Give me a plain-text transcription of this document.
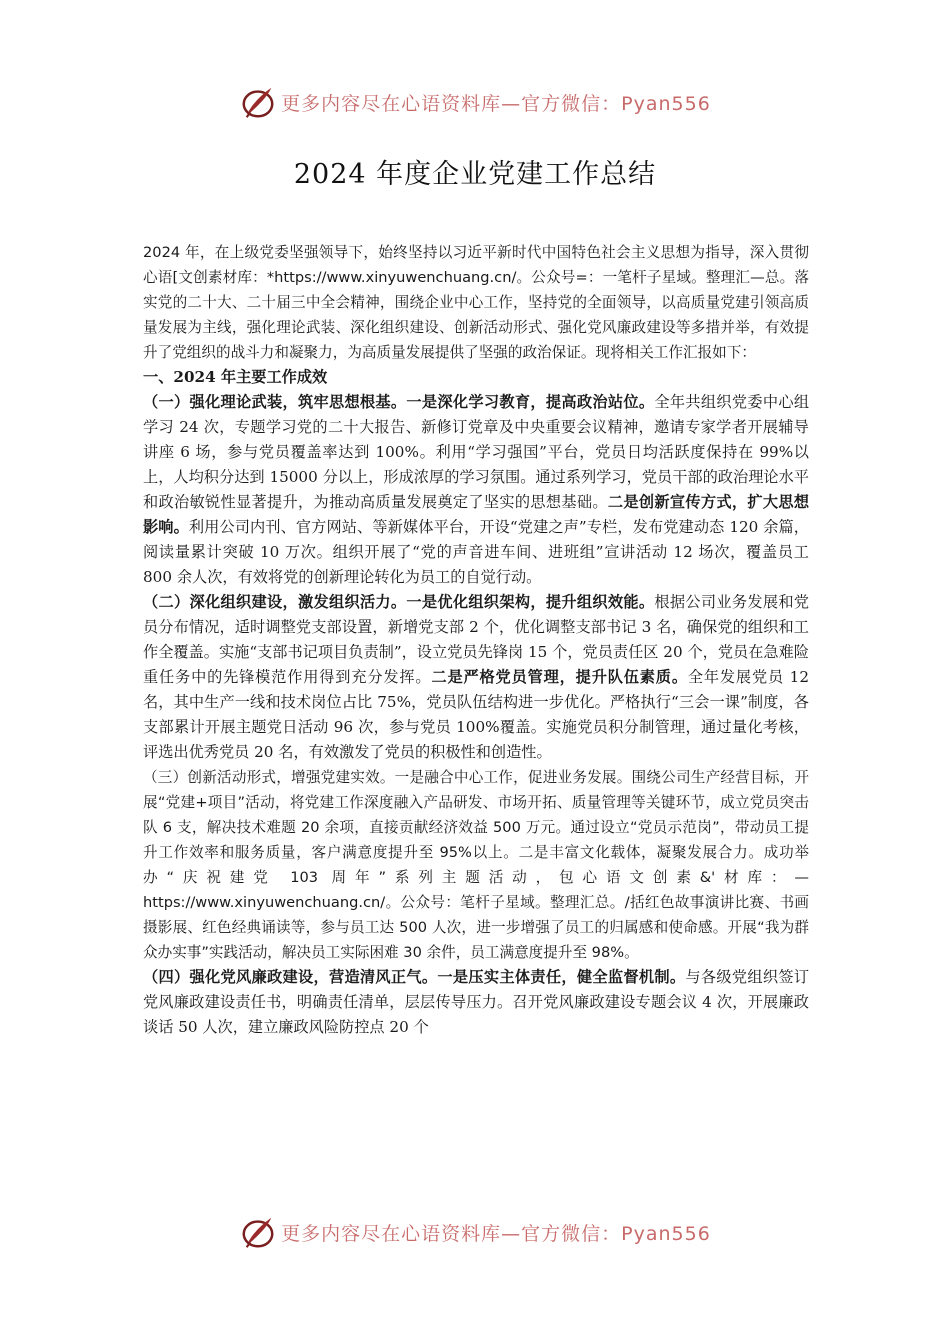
更多内容尽在心语资料库—官方微信：Pyan556
2024 年度企业党建工作总结

2024 年，在上级党委坚强领导下，始终坚持以习近平新时代中国特色社会主义思想为指导，深入贯彻心语[文创素材库：*https://www.xinyuwenchuang.cn/。公众号=：一笔杆子星域。整理汇—总。落实党的二十大、二十届三中全会精神，围绕企业中心工作，坚持党的全面领导，以高质量党建引领高质量发展为主线，强化理论武装、深化组织建设、创新活动形式、强化党风廉政建设等多措并举，有效提升了党组织的战斗力和凝聚力，为高质量发展提供了坚强的政治保证。现将相关工作汇报如下：

一、2024 年主要工作成效

（一）强化理论武装，筑牢思想根基。一是深化学习教育，提高政治站位。全年共组织党委中心组学习 24 次，专题学习党的二十大报告、新修订党章及中央重要会议精神，邀请专家学者开展辅导讲座 6 场，参与党员覆盖率达到 100%。利用“学习强国”平台，党员日均活跃度保持在 99%以上，人均积分达到 15000 分以上，形成浓厚的学习氛围。通过系列学习，党员干部的政治理论水平和政治敏锐性显著提升，为推动高质量发展奠定了坚实的思想基础。二是创新宣传方式，扩大思想影响。利用公司内刊、官方网站、等新媒体平台，开设“党建之声”专栏，发布党建动态 120 余篇，阅读量累计突破 10 万次。组织开展了“党的声音进车间、进班组”宣讲活动 12 场次，覆盖员工 800 余人次，有效将党的创新理论转化为员工的自觉行动。

（二）深化组织建设，激发组织活力。一是优化组织架构，提升组织效能。根据公司业务发展和党员分布情况，适时调整党支部设置，新增党支部 2 个，优化调整支部书记 3 名，确保党的组织和工作全覆盖。实施“支部书记项目负责制”，设立党员先锋岗 15 个，党员责任区 20 个，党员在急难险重任务中的先锋模范作用得到充分发挥。二是严格党员管理，提升队伍素质。全年发展党员 12 名，其中生产一线和技术岗位占比 75%，党员队伍结构进一步优化。严格执行“三会一课”制度，各支部累计开展主题党日活动 96 次，参与党员 100%覆盖。实施党员积分制管理，通过量化考核，评选出优秀党员 20 名，有效激发了党员的积极性和创造性。

（三）创新活动形式，增强党建实效。一是融合中心工作，促进业务发展。围绕公司生产经营目标，开展“党建+项目”活动，将党建工作深度融入产品研发、市场开拓、质量管理等关键环节，成立党员突击队 6 支，解决技术难题 20 余项，直接贡献经济效益 500 万元。通过设立“党员示范岗”，带动员工提升工作效率和服务质量，客户满意度提升至 95%以上。二是丰富文化载体，凝聚发展合力。成功举办“庆祝建党 103 周年”系列主题活动，包心语文创素&'材库：—https://www.xinyuwenchuang.cn/。公众号：笔杆子星域。整理汇总。/括红色故事演讲比赛、书画摄影展、红色经典诵读等，参与员工达 500 人次，进一步增强了员工的归属感和使命感。开展“我为群众办实事”实践活动，解决员工实际困难 30 余件，员工满意度提升至 98%。

（四）强化党风廉政建设，营造清风正气。一是压实主体责任，健全监督机制。与各级党组织签订党风廉政建设责任书，明确责任清单，层层传导压力。召开党风廉政建设专题会议 4 次，开展廉政谈话 50 人次，建立廉政风险防控点 20 个

更多内容尽在心语资料库—官方微信：Pyan556
